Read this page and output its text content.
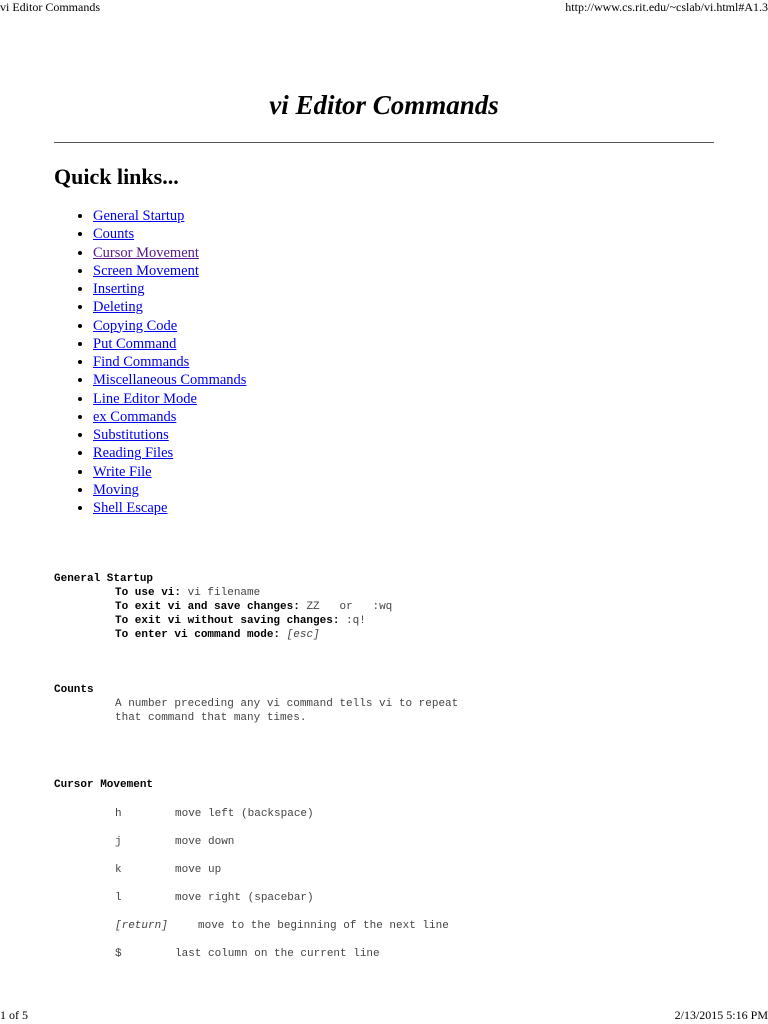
vi Editor Commands	http://www.cs.rit.edu/~cslab/vi.html#A1.3
1 of 5	2/13/2015 5:16 PM
vi Editor Commands
Quick links...
• General Startup
• Counts
• Cursor Movement
• Screen Movement
• Inserting
• Deleting
• Copying Code
• Put Command
• Find Commands
• Miscellaneous Commands
• Line Editor Mode
• ex Commands
• Substitutions
• Reading Files
• Write File
• Moving
• Shell Escape
General Startup
To use vi: vi filename
To exit vi and save changes: ZZ or :wq
To exit vi without saving changes: :q!
To enter vi command mode: [esc]
Counts
A number preceding any vi command tells vi to repeat
that command that many times.
Cursor Movement
h	move left (backspace)
j	move down
k	move up
l	move right (spacebar)
[return]	move to the beginning of the next line
$	last column on the current line
